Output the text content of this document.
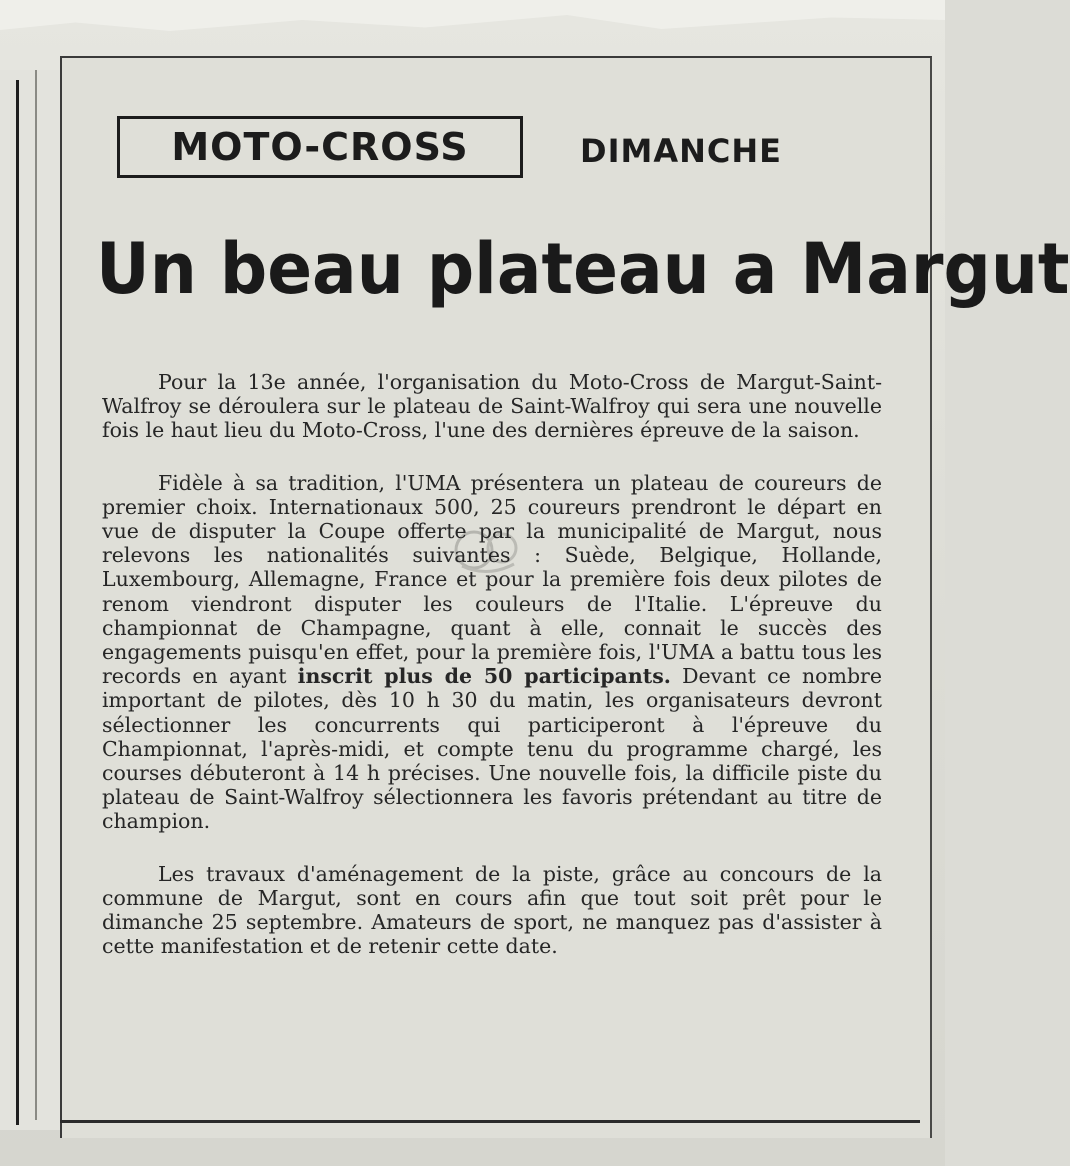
MOTO-CROSS	DIMANCHE
Un beau plateau a Margut

Pour la 13e année, l'organisation du Moto-Cross de Margut-Saint-Walfroy se déroulera sur le plateau de Saint-Walfroy qui sera une nouvelle fois le haut lieu du Moto-Cross, l'une des dernières épreuve de la saison.

Fidèle à sa tradition, l'UMA présentera un plateau de coureurs de premier choix. Internationaux 500, 25 coureurs prendront le départ en vue de disputer la Coupe offerte par la municipalité de Margut, nous relevons les nationalités suivantes : Suède, Belgique, Hollande, Luxembourg, Allemagne, France et pour la première fois deux pilotes de renom viendront disputer les couleurs de l'Italie. L'épreuve du championnat de Champagne, quant à elle, connait le succès des engagements puisqu'en effet, pour la première fois, l'UMA a battu tous les records en ayant inscrit plus de 50 participants. Devant ce nombre important de pilotes, dès 10 h 30 du matin, les organisateurs devront sélectionner les concurrents qui participeront à l'épreuve du Championnat, l'après-midi, et compte tenu du programme chargé, les courses débuteront à 14 h précises. Une nouvelle fois, la difficile piste du plateau de Saint-Walfroy sélectionnera les favoris prétendant au titre de champion.

Les travaux d'aménagement de la piste, grâce au concours de la commune de Margut, sont en cours afin que tout soit prêt pour le dimanche 25 septembre. Amateurs de sport, ne manquez pas d'assister à cette manifestation et de retenir cette date.
